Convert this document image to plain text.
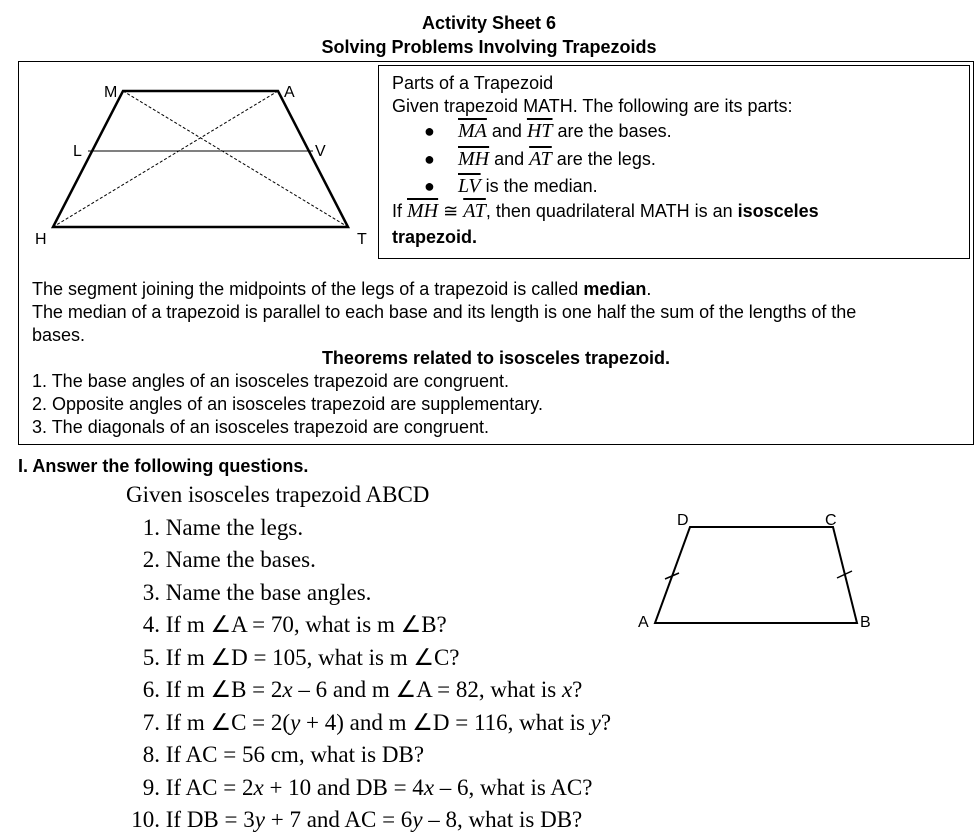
Activity Sheet 6
Solving Problems Involving Trapezoids
M	A
L	V
H	T
Parts of a Trapezoid
Given trapezoid MATH. The following are its parts:
● $\overline{MA}$ and $\overline{HT}$ are the bases.
● $\overline{MH}$ and $\overline{AT}$ are the legs.
● $\overline{LV}$ is the median.
If $\overline{MH}$ ≅ $\overline{AT}$, then quadrilateral MATH is an isosceles
trapezoid.
The segment joining the midpoints of the legs of a trapezoid is called median.
The median of a trapezoid is parallel to each base and its length is one half the sum of the lengths of the
bases.
Theorems related to isosceles trapezoid.
1. The base angles of an isosceles trapezoid are congruent.
2. Opposite angles of an isosceles trapezoid are supplementary.
3. The diagonals of an isosceles trapezoid are congruent.
I. Answer the following questions.
Given isosceles trapezoid ABCD
1. Name the legs.
2. Name the bases.
3. Name the base angles.
4. If m ∠A = 70, what is m ∠B?
5. If m ∠D = 105, what is m ∠C?
6. If m ∠B = 2x – 6 and m ∠A = 82, what is x?
7. If m ∠C = 2(y + 4) and m ∠D = 116, what is y?
8. If AC = 56 cm, what is DB?
9. If AC = 2x + 10 and DB = 4x – 6, what is AC?
10. If DB = 3y + 7 and AC = 6y – 8, what is DB?
D	C
A	B
